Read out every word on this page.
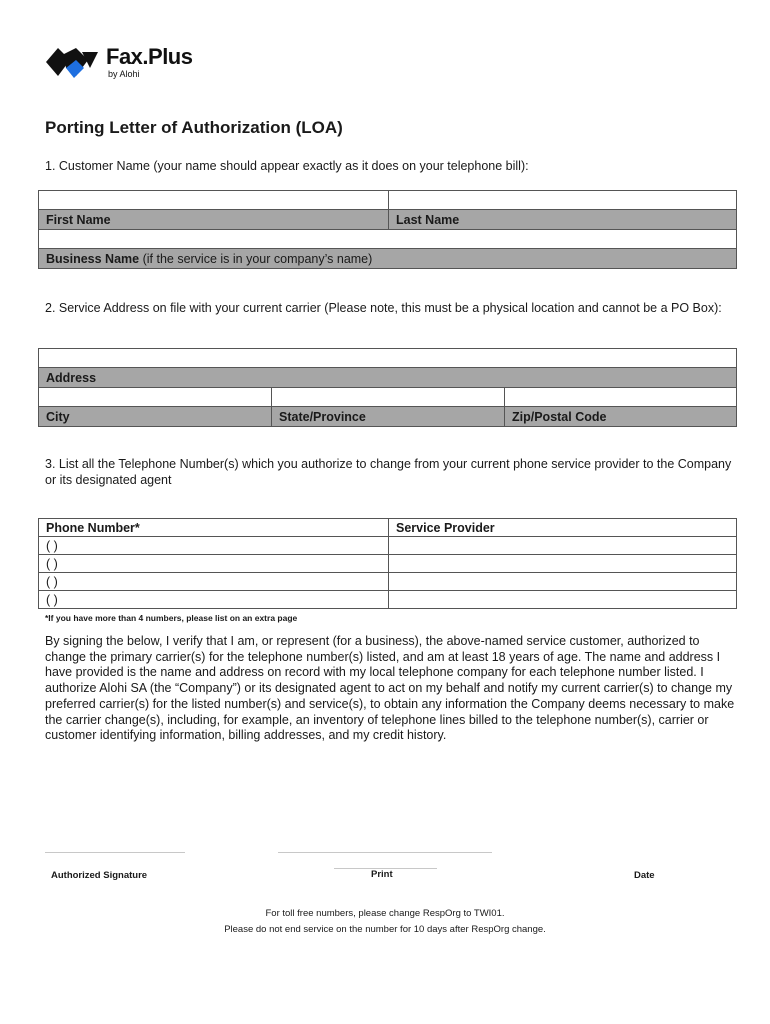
Fax.Plus
by Alohi
Porting Letter of Authorization (LOA)
1. Customer Name (your name should appear exactly as it does on your telephone bill):

First Name	Last Name

Business Name (if the service is in your company’s name)	
2. Service Address on file with your current carrier (Please note, this must be a physical location and cannot be a PO Box):

Address		

City	State/Province	Zip/Postal Code
3. List all the Telephone Number(s) which you authorize to change from your current phone service provider to the Company or its designated agent
Phone Number*	Service Provider
( )	
( )	
( )	
( )	
*If you have more than 4 numbers, please list on an extra page
By signing the below, I verify that I am, or represent (for a business), the above-named service customer, authorized to change the primary carrier(s) for the telephone number(s) listed, and am at least 18 years of age. The name and address I have provided is the name and address on record with my local telephone company for each telephone number listed. I authorize Alohi SA (the “Company”) or its designated agent to act on my behalf and notify my current carrier(s) to change my preferred carrier(s) for the listed number(s) and service(s), to obtain any information the Company deems necessary to make the carrier change(s), including, for example, an inventory of telephone lines billed to the telephone number(s), carrier or customer identifying information, billing addresses, and my credit history.
Authorized Signature	Print	Date
For toll free numbers, please change RespOrg to TWI01.
Please do not end service on the number for 10 days after RespOrg change.
